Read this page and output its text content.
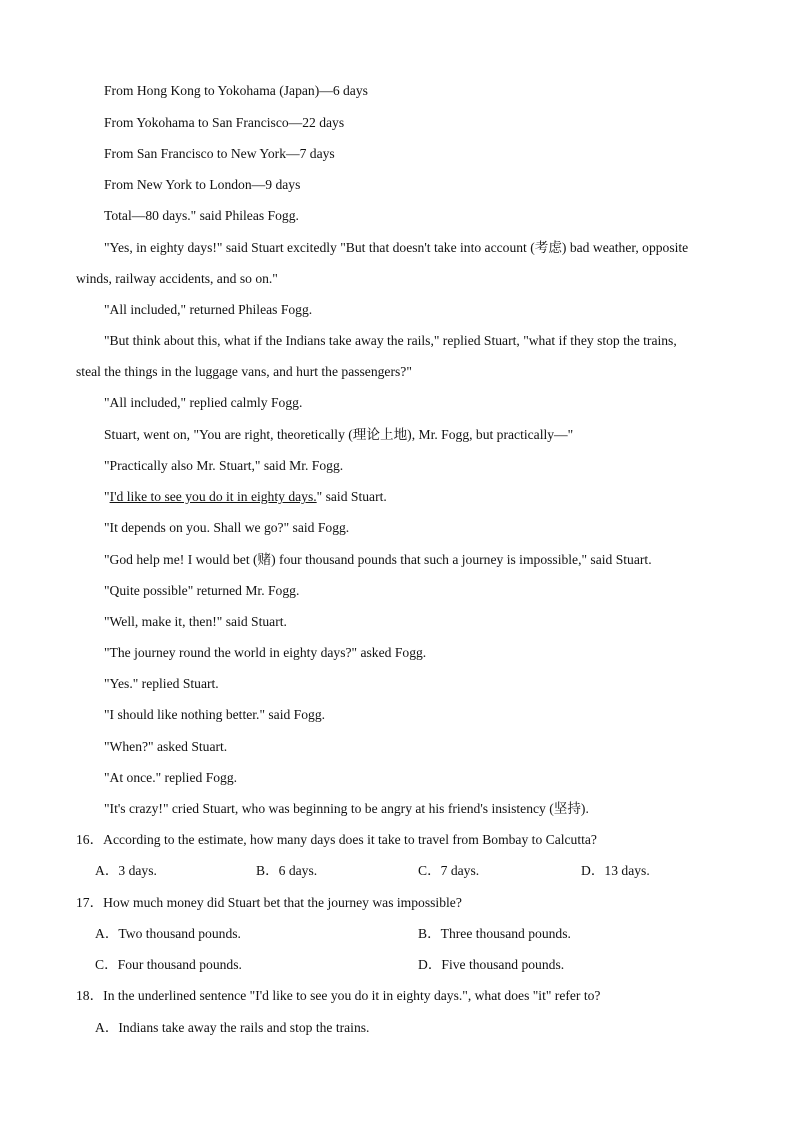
From Hong Kong to Yokohama (Japan)—6 days
From Yokohama to San Francisco—22 days
From San Francisco to New York—7 days
From New York to London—9 days
Total—80 days." said Phileas Fogg.
"Yes, in eighty days!" said Stuart excitedly "But that doesn't take into account (考虑) bad weather, opposite
winds, railway accidents, and so on."
"All included," returned Phileas Fogg.
"But think about this, what if the Indians take away the rails," replied Stuart, "what if they stop the trains,
steal the things in the luggage vans, and hurt the passengers?"
"All included," replied calmly Fogg.
Stuart, went on, "You are right, theoretically (理论上地), Mr. Fogg, but practically—"
"Practically also Mr. Stuart," said Mr. Fogg.
"I'd like to see you do it in eighty days." said Stuart.
"It depends on you. Shall we go?" said Fogg.
"God help me! I would bet (赌) four thousand pounds that such a journey is impossible," said Stuart.
"Quite possible" returned Mr. Fogg.
"Well, make it, then!" said Stuart.
"The journey round the world in eighty days?" asked Fogg.
"Yes." replied Stuart.
"I should like nothing better." said Fogg.
"When?" asked Stuart.
"At once." replied Fogg.
"It's crazy!" cried Stuart, who was beginning to be angry at his friend's insistency (坚持).
16．According to the estimate, how many days does it take to travel from Bombay to Calcutta?
A．3 days.	B．6 days.	C．7 days.	D．13 days.
17．How much money did Stuart bet that the journey was impossible?
A．Two thousand pounds.	B．Three thousand pounds.
C．Four thousand pounds.	D．Five thousand pounds.
18．In the underlined sentence "I'd like to see you do it in eighty days.", what does "it" refer to?
A．Indians take away the rails and stop the trains.
